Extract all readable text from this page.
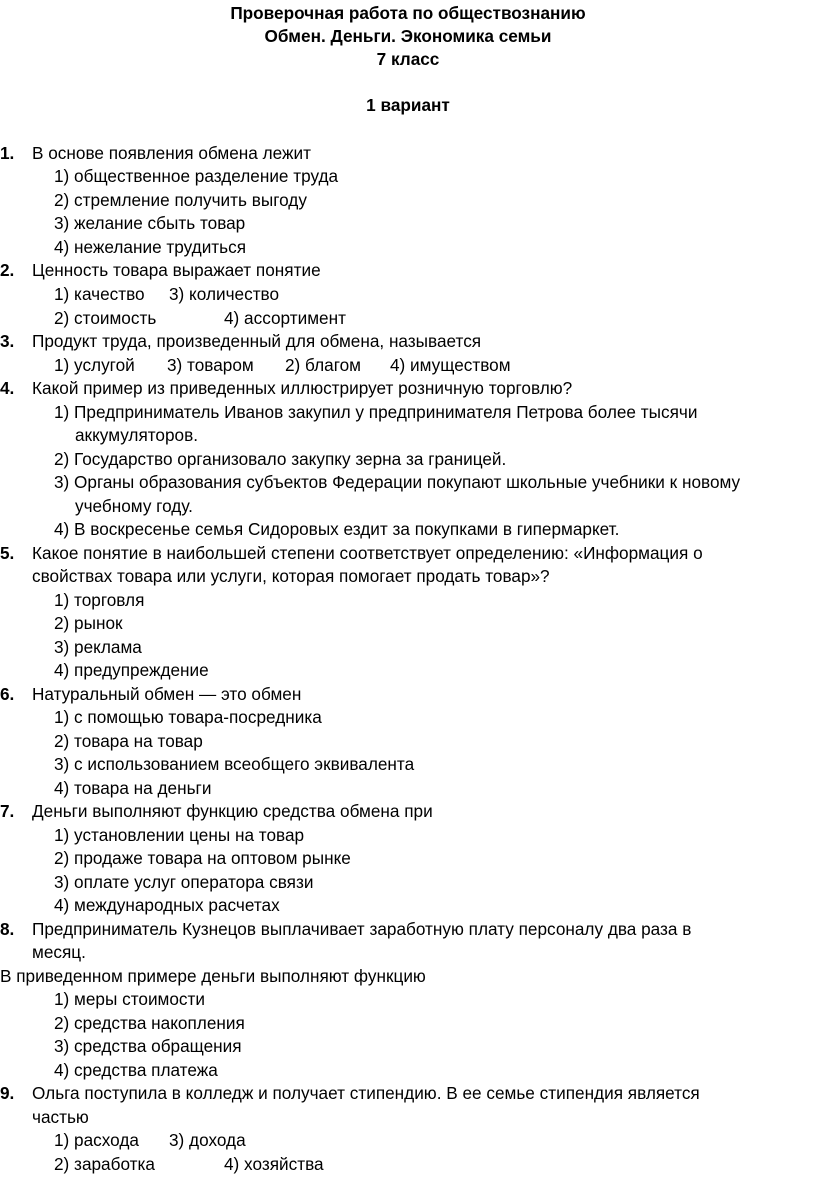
Проверочная работа по обществознанию
Обмен. Деньги. Экономика семьи
7 класс
1 вариант
1. В основе появления обмена лежит
1) общественное разделение труда
2) стремление получить выгоду
3) желание сбыть товар
4) нежелание трудиться
2. Ценность товара выражает понятие
1) качество 3) количество
2) стоимость	4) ассортимент
3. Продукт труда, произведенный для обмена, называется
1) услугой 3) товаром 2) благом 4) имуществом
4. Какой пример из приведенных иллюстрирует розничную торговлю?
1) Предприниматель Иванов закупил у предпринимателя Петрова более тысячи
аккумуляторов.
2) Государство организовало закупку зерна за границей.
3) Органы образования субъектов Федерации покупают школьные учебники к новому
учебному году.
4) В воскресенье семья Сидоровых ездит за покупками в гипермаркет.
5. Какое понятие в наибольшей степени соответствует определению: «Информация о
свойствах товара или услуги, которая помогает продать товар»?
1) торговля
2) рынок
3) реклама
4) предупреждение
6. Натуральный обмен — это обмен
1) с помощью товара-посредника
2) товара на товар
3) с использованием всеобщего эквивалента
4) товара на деньги
7. Деньги выполняют функцию средства обмена при
1) установлении цены на товар
2) продаже товара на оптовом рынке
3) оплате услуг оператора связи
4) международных расчетах
8. Предприниматель Кузнецов выплачивает заработную плату персоналу два раза в
месяц.
В приведенном примере деньги выполняют функцию
1) меры стоимости
2) средства накопления
3) средства обращения
4) средства платежа
9. Ольга поступила в колледж и получает стипендию. В ее семье стипендия является
частью
1) расхода 3) дохода
2) заработка	4) хозяйства
